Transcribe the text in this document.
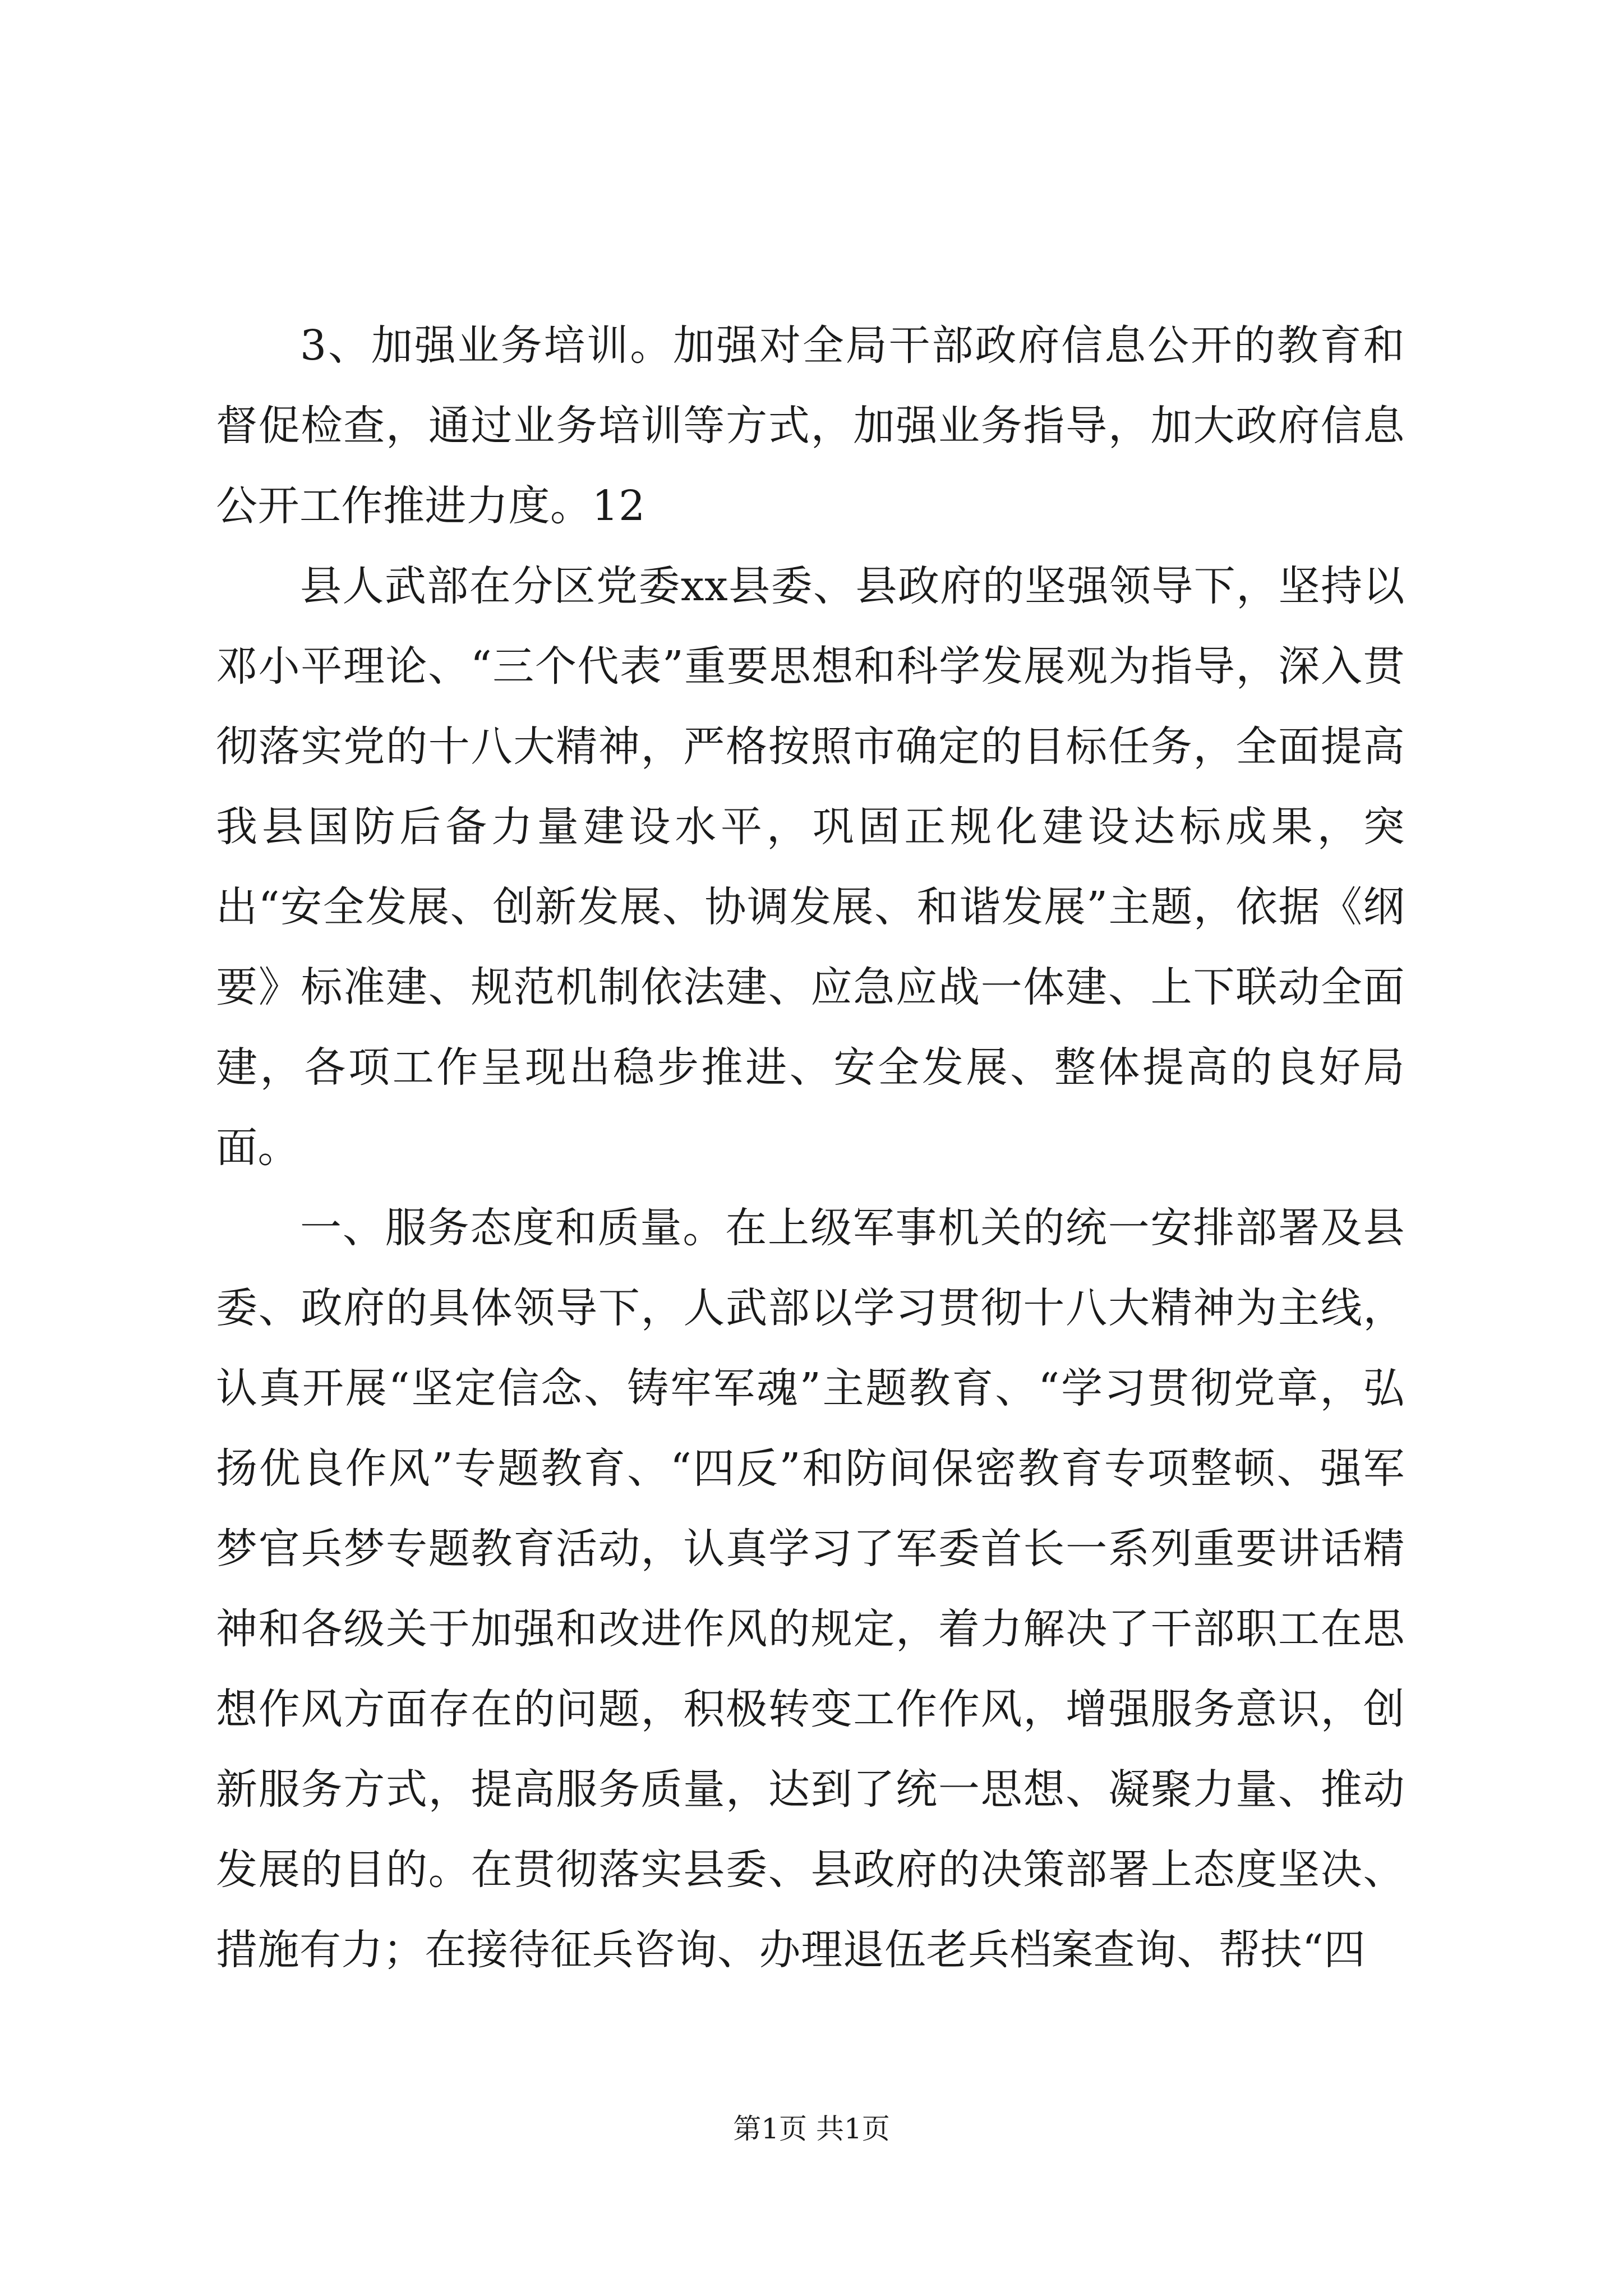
3、加强业务培训。加强对全局干部政府信息公开的教育和督促检查，通过业务培训等方式，加强业务指导，加大政府信息公开工作推进力度。12

县人武部在分区党委xx县委、县政府的坚强领导下，坚持以邓小平理论、“三个代表”重要思想和科学发展观为指导，深入贯彻落实党的十八大精神，严格按照市确定的目标任务，全面提高我县国防后备力量建设水平，巩固正规化建设达标成果，突出“安全发展、创新发展、协调发展、和谐发展”主题，依据《纲要》标准建、规范机制依法建、应急应战一体建、上下联动全面建，各项工作呈现出稳步推进、安全发展、整体提高的良好局面。

一、服务态度和质量。在上级军事机关的统一安排部署及县委、政府的具体领导下，人武部以学习贯彻十八大精神为主线，认真开展“坚定信念、铸牢军魂”主题教育、“学习贯彻党章，弘扬优良作风”专题教育、“四反”和防间保密教育专项整顿、强军梦官兵梦专题教育活动，认真学习了军委首长一系列重要讲话精神和各级关于加强和改进作风的规定，着力解决了干部职工在思想作风方面存在的问题，积极转变工作作风，增强服务意识，创新服务方式，提高服务质量，达到了统一思想、凝聚力量、推动发展的目的。在贯彻落实县委、县政府的决策部署上态度坚决、措施有力；在接待征兵咨询、办理退伍老兵档案查询、帮扶“四

第1页 共1页
